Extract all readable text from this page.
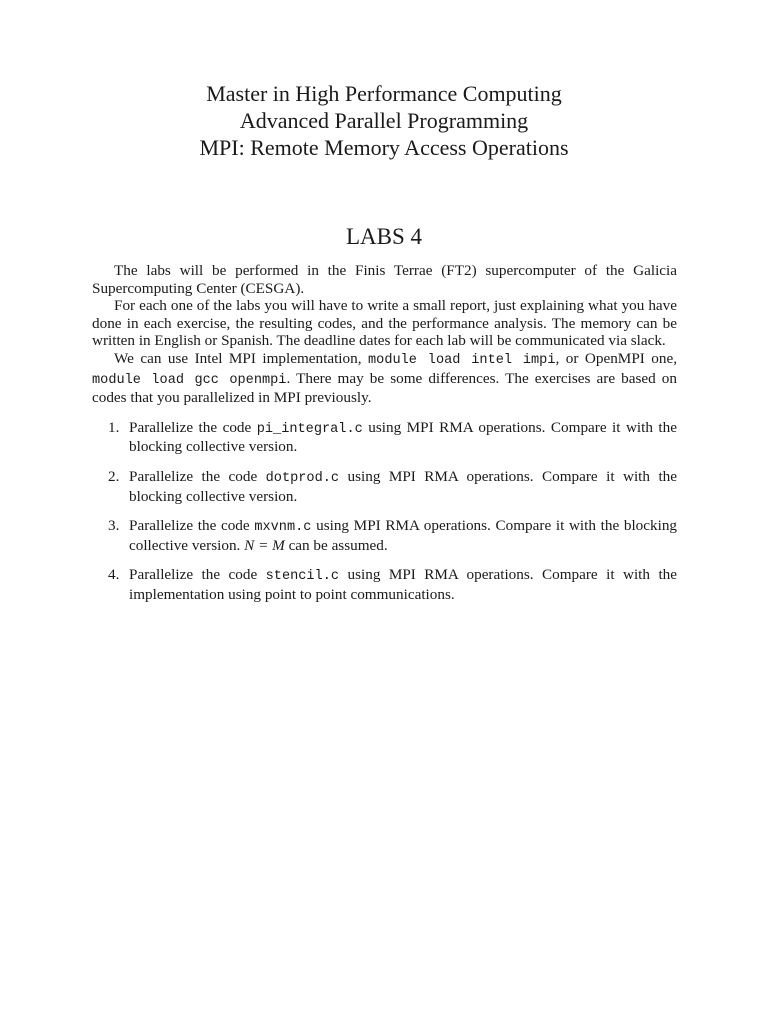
Master in High Performance Computing
Advanced Parallel Programming
MPI: Remote Memory Access Operations
LABS 4

The labs will be performed in the Finis Terrae (FT2) supercomputer of the Galicia Supercomputing Center (CESGA).

For each one of the labs you will have to write a small report, just explaining what you have done in each exercise, the resulting codes, and the performance analysis. The memory can be written in English or Spanish. The deadline dates for each lab will be communicated via slack.

We can use Intel MPI implementation, module load intel impi, or OpenMPI one, module load gcc openmpi. There may be some differences. The exercises are based on codes that you parallelized in MPI previously.

1. Parallelize the code pi_integral.c using MPI RMA operations. Compare it with the blocking collective version.
2. Parallelize the code dotprod.c using MPI RMA operations. Compare it with the blocking collective version.
3. Parallelize the code mxvnm.c using MPI RMA operations. Compare it with the blocking collective version. N = M can be assumed.
4. Parallelize the code stencil.c using MPI RMA operations. Compare it with the implementation using point to point communications.
